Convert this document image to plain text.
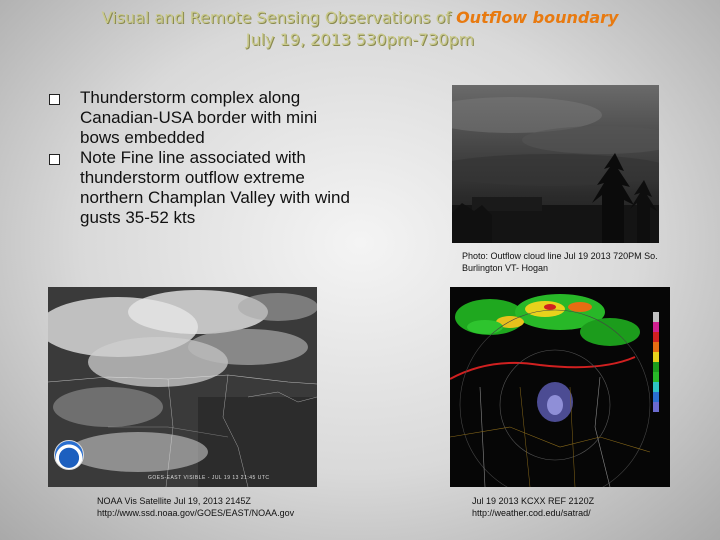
Visual and Remote Sensing Observations of Outflow boundary
July 19, 2013 530pm-730pm
Thunderstorm complex along Canadian-USA border with mini bows embedded
Note Fine line associated with thunderstorm outflow extreme northern Champlan Valley with wind gusts 35-52 kts
Photo: Outflow cloud line Jul 19 2013 720PM So. Burlington VT- Hogan
GOES-EAST VISIBLE - JUL 19 13 21:45 UTC
NOAA Vis Satellite Jul 19, 2013 2145Z
http://www.ssd.noaa.gov/GOES/EAST/NOAA.gov
Jul 19 2013 KCXX REF 2120Z
http://weather.cod.edu/satrad/
